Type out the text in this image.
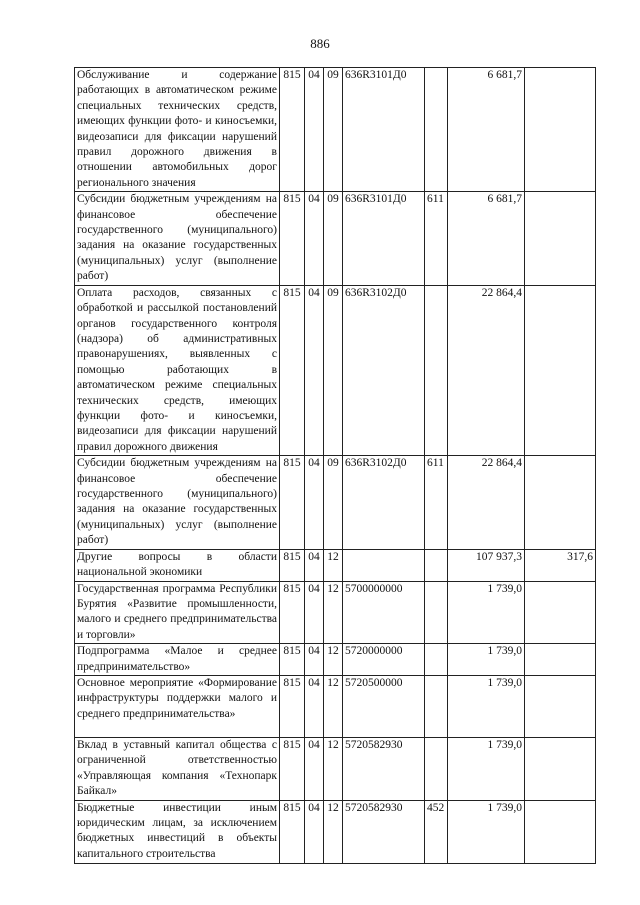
886
Обслуживание и содержание работающих в автоматическом режиме специальных технических средств, имеющих функции фото- и киносъемки, видеозаписи для фиксации нарушений правил дорожного движения в отношении автомобильных дорог регионального значения	815	04	09	636R3101Д0		6 681,7	
Субсидии бюджетным учреждениям на финансовое обеспечение государственного (муниципального) задания на оказание государственных (муниципальных) услуг (выполнение работ)	815	04	09	636R3101Д0	611	6 681,7	
Оплата расходов, связанных с обработкой и рассылкой постановлений органов государственного контроля (надзора) об административных правонарушениях, выявленных с помощью работающих в автоматическом режиме специальных технических средств, имеющих функции фото- и киносъемки, видеозаписи для фиксации нарушений правил дорожного движения	815	04	09	636R3102Д0		22 864,4	
Субсидии бюджетным учреждениям на финансовое обеспечение государственного (муниципального) задания на оказание государственных (муниципальных) услуг (выполнение работ)	815	04	09	636R3102Д0	611	22 864,4	
Другие вопросы в области национальной экономики	815	04	12			107 937,3	317,6
Государственная программа Республики Бурятия «Развитие промышленности, малого и среднего предпринимательства и торговли»	815	04	12	5700000000		1 739,0	
Подпрограмма «Малое и среднее предпринимательство»	815	04	12	5720000000		1 739,0	
Основное мероприятие «Формирование инфраструктуры поддержки малого и среднего предпринимательства»	815	04	12	5720500000		1 739,0	
Вклад в уставный капитал общества с ограниченной ответственностью «Управляющая компания «Технопарк Байкал»	815	04	12	5720582930		1 739,0	
Бюджетные инвестиции иным юридическим лицам, за исключением бюджетных инвестиций в объекты капитального строительства	815	04	12	5720582930	452	1 739,0	
